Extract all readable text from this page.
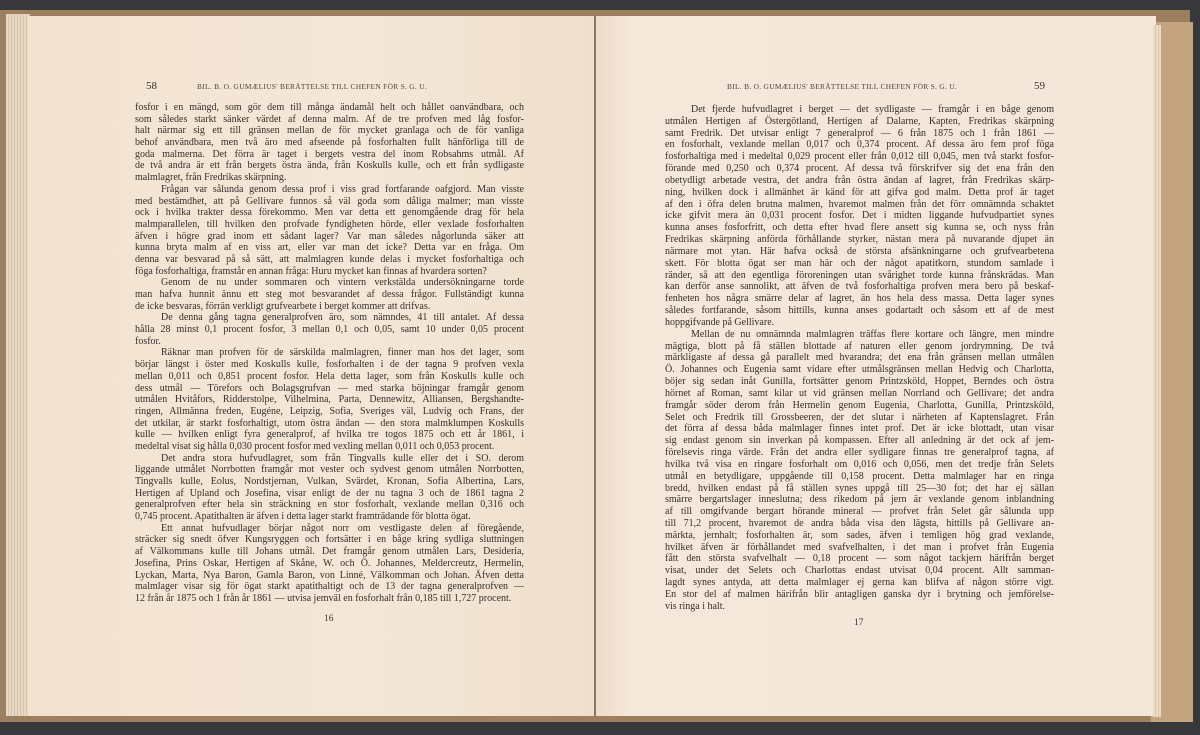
58	BIL. B. O. GUMÆLIUS' BERÄTTELSE TILL CHEFEN FÖR S. G. U.	BIL. B. O. GUMÆLIUS' BERÄTTELSE TILL CHEFEN FÖR S. G. U.	59
fosfor i en mängd, som gör dem till många ändamål helt och hållet oanvändbara, och
som således starkt sänker värdet af denna malm. Af de tre profven med låg fosfor-
halt närmar sig ett till gränsen mellan de för mycket granlaga och de för vanliga
behof användbara, men två äro med afseende på fosforhalten fullt hänförliga till de
goda malmerna. Det förra är taget i bergets vestra del inom Robsahms utmål. Af
de två andra är ett från bergets östra ända, från Koskulls kulle, och ett från sydligaste
malmlagret, från Fredrikas skärpning.
Frågan var sålunda genom dessa prof i viss grad fortfarande oafgjord. Man visste
med bestämdhet, att på Gellivare funnos så väl goda som dåliga malmer; man visste
ock i hvilka trakter dessa förekommo. Men var detta ett genomgående drag för hela
malmparallelen, till hvilken den profvade fyndigheten hörde, eller vexlade fosforhalten
äfven i högre grad inom ett sådant lager? Var man således någorlunda säker att
kunna bryta malm af en viss art, eller var man det icke? Detta var en fråga. Om
denna var besvarad på så sätt, att malmlagren kunde delas i mycket fosforhaltiga och
föga fosforhaltiga, framstår en annan fråga: Huru mycket kan finnas af hvardera sorten?
Genom de nu under sommaren och vintern verkstälda undersökningarne torde
man hafva hunnit ännu ett steg mot besvarandet af dessa frågor. Fullständigt kunna
de icke besvaras, förrän verkligt grufvearbete i berget kommer att drifvas.
De denna gång tagna generalprofven äro, som nämndes, 41 till antalet. Af dessa
hålla 28 minst 0,1 procent fosfor, 3 mellan 0,1 och 0,05, samt 10 under 0,05 procent
fosfor.
Räknar man profven för de särskilda malmlagren, finner man hos det lager, som
börjar längst i öster med Koskulls kulle, fosforhalten i de der tagna 9 profven vexla
mellan 0,011 och 0,851 procent fosfor. Hela detta lager, som från Koskulls kulle och
dess utmål — Törefors och Bolagsgrufvan — med starka böjningar framgår genom
utmålen Hvitåfors, Ridderstolpe, Vilhelmina, Parta, Dennewitz, Alliansen, Bergshandte-
ringen, Allmänna freden, Eugéne, Leipzig, Sofia, Sveriges väl, Ludvig och Frans, der
det utkilar, är starkt fosforhaltigt, utom östra ändan — den stora malmklumpen Koskulls
kulle — hvilken enligt fyra generalprof, af hvilka tre togos 1875 och ett år 1861, i
medeltal visat sig hålla 0,030 procent fosfor med vexling mellan 0,011 och 0,053 procent.
Det andra stora hufvudlagret, som från Tingvalls kulle eller det i SO. derom
liggande utmålet Norrbotten framgår mot vester och sydvest genom utmålen Norrbotten,
Tingvalls kulle, Eolus, Nordstjernan, Vulkan, Svärdet, Kronan, Sofia Albertina, Lars,
Hertigen af Upland och Josefina, visar enligt de der nu tagna 3 och de 1861 tagna 2
generalprofven efter hela sin sträckning en stor fosforhalt, vexlande mellan 0,316 och
0,745 procent. Apatithalten är äfven i detta lager starkt framträdande för blotta ögat.
Ett annat hufvudlager börjar något norr om vestligaste delen af föregående,
sträcker sig snedt öfver Kungsryggen och fortsätter i en båge kring sydliga sluttningen
af Välkommans kulle till Johans utmål. Det framgår genom utmålen Lars, Desideria,
Josefina, Prins Oskar, Hertigen af Skåne, W. och Ö. Johannes, Meldercreutz, Hermelin,
Lyckan, Marta, Nya Baron, Gamla Baron, von Linné, Välkomman och Johan. Äfven detta
malmlager visar sig för ögat starkt apatithaltigt och de 13 der tagna generalprofven —
12 från år 1875 och 1 från år 1861 — utvisa jemväl en fosforhalt från 0,185 till 1,727 procent.
Det fjerde hufvudlagret i berget — det sydligaste — framgår i en båge genom
utmålen Hertigen af Östergötland, Hertigen af Dalarne, Kapten, Fredrikas skärpning
samt Fredrik. Det utvisar enligt 7 generalprof — 6 från 1875 och 1 från 1861 —
en fosforhalt, vexlande mellan 0,017 och 0,374 procent. Af dessa äro fem prof föga
fosforhaltiga med i medeltal 0,029 procent eller från 0,012 till 0,045, men två starkt fosfor-
förande med 0,250 och 0,374 procent. Af dessa två förskrifver sig det ena från den
obetydligt arbetade vestra, det andra från östra ändan af lagret, från Fredrikas skärp-
ning, hvilken dock i allmänhet är känd för att gifva god malm. Detta prof är taget
af den i öfra delen brutna malmen, hvaremot malmen från det förr omnämnda schaktet
icke gifvit mera än 0,031 procent fosfor. Det i midten liggande hufvudpartiet synes
kunna anses fosforfritt, och detta efter hvad flere ansett sig kunna se, och nyss från
Fredrikas skärpning anförda förhållande styrker, nästan mera på nuvarande djupet än
närmare mot ytan. Här hafva också de största afsänkningarne och grufvearbetena
skett. För blotta ögat ser man här och der något apatitkorn, stundom samlade i
ränder, så att den egentliga föroreningen utan svårighet torde kunna frånskrädas. Man
kan derför anse sannolikt, att äfven de två fosforhaltiga profven mera bero på beskaf-
fenheten hos några smärre delar af lagret, än hos hela dess massa. Detta lager synes
således fortfarande, såsom hittills, kunna anses godartadt och såsom ett af de mest
hoppgifvande på Gellivare.
Mellan de nu omnämnda malmlagren träffas flere kortare och längre, men mindre
mägtiga, blott på få ställen blottade af naturen eller genom jordrymning. De två
märkligaste af dessa gå parallelt med hvarandra; det ena från gränsen mellan utmålen
Ö. Johannes och Eugenia samt vidare efter utmålsgränsen mellan Hedvig och Charlotta,
böjer sig sedan inåt Gunilla, fortsätter genom Printzsköld, Hoppet, Berndes och östra
hörnet af Roman, samt kilar ut vid gränsen mellan Norrland och Gellivare; det andra
framgår söder derom från Hermelin genom Eugenia, Charlotta, Gunilla, Printzsköld,
Selet och Fredrik till Grossbeeren, der det slutar i närheten af Kaptenslagret. Från
det förra af dessa båda malmlager finnes intet prof. Det är icke blottadt, utan visar
sig endast genom sin inverkan på kompassen. Efter all anledning är det ock af jem-
förelsevis ringa värde. Från det andra eller sydligare finnas tre generalprof tagna, af
hvilka två visa en ringare fosforhalt om 0,016 och 0,056, men det tredje från Selets
utmål en betydligare, uppgående till 0,158 procent. Detta malmlager har en ringa
bredd, hvilken endast på få ställen synes uppgå till 25—30 fot; det har ej sällan
smärre bergartslager inneslutna; dess rikedom på jern är vexlande genom inblandning
af till omgifvande bergart hörande mineral — profvet från Selet går sålunda upp
till 71,2 procent, hvaremot de andra båda visa den lägsta, hittills på Gellivare an-
märkta, jernhalt; fosforhalten är, som sades, äfven i temligen hög grad vexlande,
hvilket äfven är förhållandet med svafvelhalten, i det man i profvet från Eugenia
fått den största svafvelhalt — 0,18 procent — som något tackjern härifrån berget
visat, under det Selets och Charlottas endast utvisat 0,04 procent. Allt samman-
lagdt synes antyda, att detta malmlager ej gerna kan blifva af någon större vigt.
En stor del af malmen härifrån blir antagligen ganska dyr i brytning och jemförelse-
vis ringa i halt.
16	17
